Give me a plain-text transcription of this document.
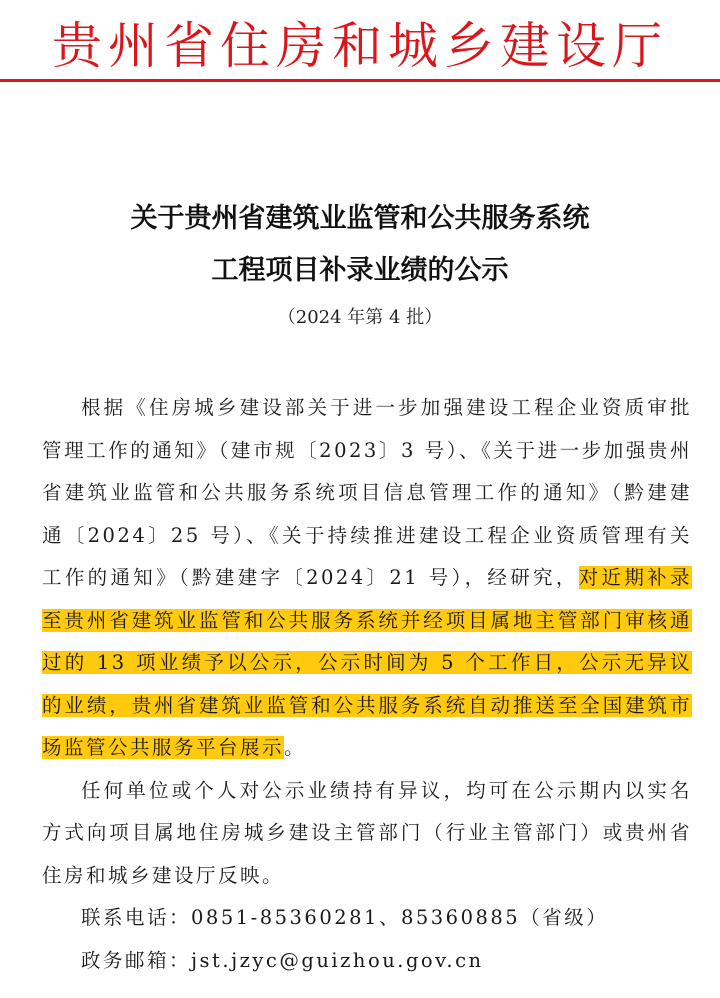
贵州省住房和城乡建设厅
关于贵州省建筑业监管和公共服务系统
工程项目补录业绩的公示
（2024 年第 4 批）

根据《住房城乡建设部关于进一步加强建设工程企业资质审批管理工作的通知》（建市规〔2023〕3 号）、《关于进一步加强贵州省建筑业监管和公共服务系统项目信息管理工作的通知》（黔建建通〔2024〕25 号）、《关于持续推进建设工程企业资质管理有关工作的通知》（黔建建字〔2024〕21 号），经研究，对近期补录至贵州省建筑业监管和公共服务系统并经项目属地主管部门审核通过的 13 项业绩予以公示，公示时间为 5 个工作日，公示无异议的业绩，贵州省建筑业监管和公共服务系统自动推送至全国建筑市场监管公共服务平台展示。

任何单位或个人对公示业绩持有异议，均可在公示期内以实名方式向项目属地住房城乡建设主管部门（行业主管部门）或贵州省住房和城乡建设厅反映。

联系电话：0851-85360281、85360885（省级）

政务邮箱：jst.jzyc@guizhou.gov.cn
